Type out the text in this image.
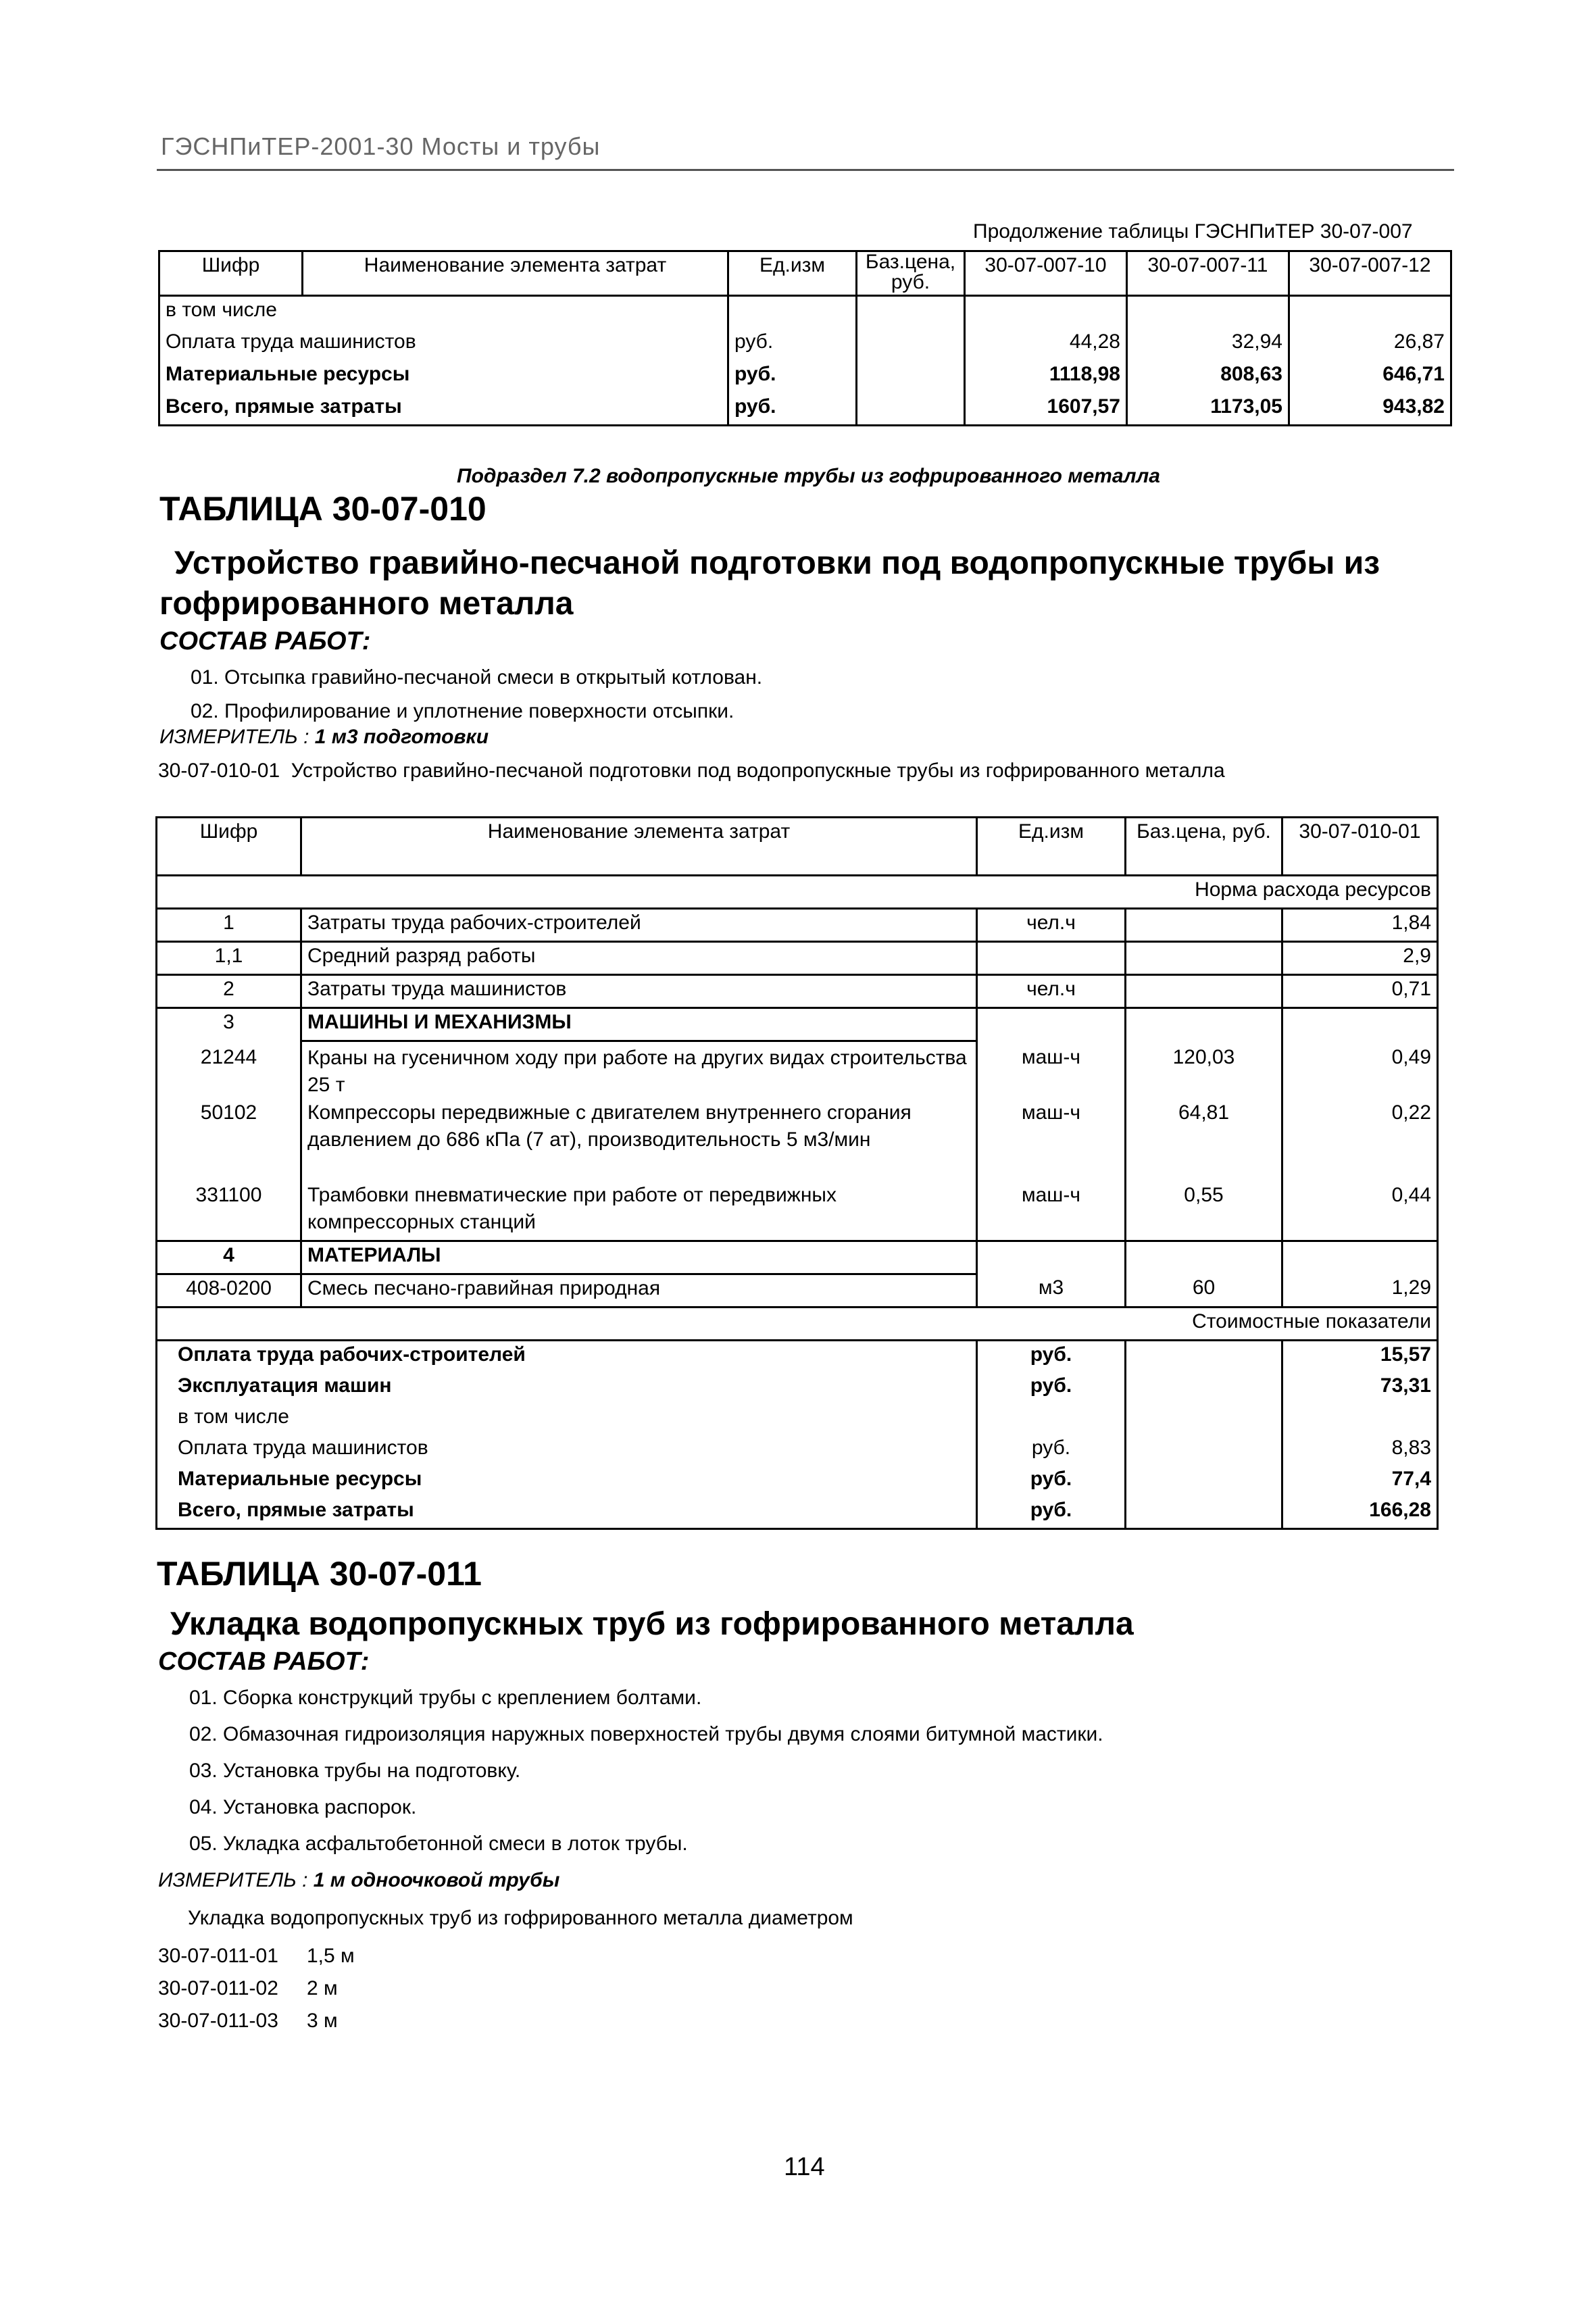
ГЭСНПиТЕР-2001-30 Мосты и трубы
Продолжение таблицы ГЭСНПиТЕР 30-07-007
Шифр	Наименование элемента затрат	Ед.изм	Баз.цена, руб.	30-07-007-10	30-07-007-11	30-07-007-12
в том числе						
Оплата труда машинистов		руб.		44,28	32,94	26,87
Материальные ресурсы		руб.		1118,98	808,63	646,71
Всего, прямые затраты		руб.		1607,57	1173,05	943,82
Подраздел 7.2 водопропускные трубы из гофрированного металла
ТАБЛИЦА 30-07-010
Устройство гравийно-песчаной подготовки под водопропускные трубы из
гофрированного металла
СОСТАВ РАБОТ:
01. Отсыпка гравийно-песчаной смеси в открытый котлован.
02. Профилирование и уплотнение поверхности отсыпки.
ИЗМЕРИТЕЛЬ : 1 м3 подготовки
30-07-010-01  Устройство гравийно-песчаной подготовки под водопропускные трубы из гофрированного металла
Шифр	Наименование элемента затрат	Ед.изм	Баз.цена, руб.	30-07-010-01
Норма расхода ресурсов				
1	Затраты труда рабочих-строителей	чел.ч		1,84
1,1	Средний разряд работы			2,9
2	Затраты труда машинистов	чел.ч		0,71
3	МАШИНЫ И МЕХАНИЗМЫ			
21244	Краны на гусеничном ходу при работе на других видах строительства 25 т	маш-ч	120,03	0,49
50102	Компрессоры передвижные с двигателем внутреннего сгорания давлением до 686 кПа (7 ат), производительность 5 м3/мин	маш-ч	64,81	0,22
331100	Трамбовки пневматические при работе от передвижных компрессорных станций	маш-ч	0,55	0,44
4	МАТЕРИАЛЫ			
408-0200	Смесь песчано-гравийная природная	м3	60	1,29
Стоимостные показатели				
Оплата труда рабочих-строителей		руб.		15,57
Эксплуатация машин		руб.		73,31
в том числе				
Оплата труда машинистов		руб.		8,83
Материальные ресурсы		руб.		77,4
Всего, прямые затраты		руб.		166,28
ТАБЛИЦА 30-07-011
Укладка водопропускных труб из гофрированного металла
СОСТАВ РАБОТ:
01. Сборка конструкций трубы с креплением болтами.
02. Обмазочная гидроизоляция наружных поверхностей трубы двумя слоями битумной мастики.
03. Установка трубы на подготовку.
04. Установка распорок.
05. Укладка асфальтобетонной смеси в лоток трубы.
ИЗМЕРИТЕЛЬ : 1 м одноочковой трубы
Укладка водопропускных труб из гофрированного металла диаметром
30-07-011-01 1,5 м
30-07-011-02 2 м
30-07-011-03 3 м
114
